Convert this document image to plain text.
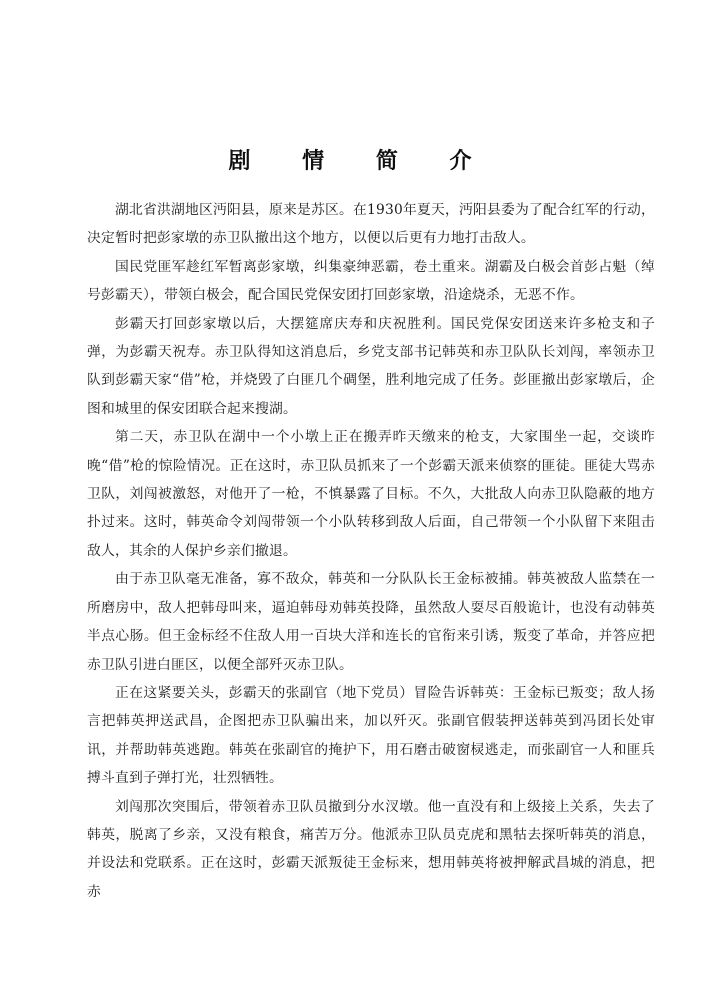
剧 情 简 介

湖北省洪湖地区沔阳县，原来是苏区。在1930年夏天，沔阳县委为了配合红军的行动，决定暂时把彭家墩的赤卫队撤出这个地方，以便以后更有力地打击敌人。

国民党匪军趁红军暂离彭家墩，纠集豪绅恶霸，卷土重来。湖霸及白极会首彭占魁（绰号彭霸天），带领白极会，配合国民党保安团打回彭家墩，沿途烧杀，无恶不作。

彭霸天打回彭家墩以后，大摆筵席庆寿和庆祝胜利。国民党保安团送来许多枪支和子弹，为彭霸天祝寿。赤卫队得知这消息后，乡党支部书记韩英和赤卫队队长刘闯，率领赤卫队到彭霸天家“借”枪，并烧毁了白匪几个碉堡，胜利地完成了任务。彭匪撤出彭家墩后，企图和城里的保安团联合起来搜湖。

第二天，赤卫队在湖中一个小墩上正在搬弄昨天缴来的枪支，大家围坐一起，交谈昨晚“借”枪的惊险情况。正在这时，赤卫队员抓来了一个彭霸天派来侦察的匪徒。匪徒大骂赤卫队，刘闯被激怒，对他开了一枪，不慎暴露了目标。不久，大批敌人向赤卫队隐蔽的地方扑过来。这时，韩英命令刘闯带领一个小队转移到敌人后面，自己带领一个小队留下来阻击敌人，其余的人保护乡亲们撤退。

由于赤卫队毫无准备，寡不敌众，韩英和一分队队长王金标被捕。韩英被敌人监禁在一所磨房中，敌人把韩母叫来，逼迫韩母劝韩英投降，虽然敌人耍尽百般诡计，也没有动韩英半点心肠。但王金标经不住敌人用一百块大洋和连长的官衔来引诱，叛变了革命，并答应把赤卫队引进白匪区，以便全部歼灭赤卫队。

正在这紧要关头，彭霸天的张副官（地下党员）冒险告诉韩英：王金标已叛变；敌人扬言把韩英押送武昌，企图把赤卫队骗出来，加以歼灭。张副官假装押送韩英到冯团长处审讯，并帮助韩英逃跑。韩英在张副官的掩护下，用石磨击破窗棂逃走，而张副官一人和匪兵搏斗直到子弹打光，壮烈牺牲。

刘闯那次突围后，带领着赤卫队员撤到分水汊墩。他一直没有和上级接上关系，失去了韩英，脱离了乡亲，又没有粮食，痛苦万分。他派赤卫队员克虎和黑牯去探听韩英的消息，并设法和党联系。正在这时，彭霸天派叛徒王金标来，想用韩英将被押解武昌城的消息，把赤
